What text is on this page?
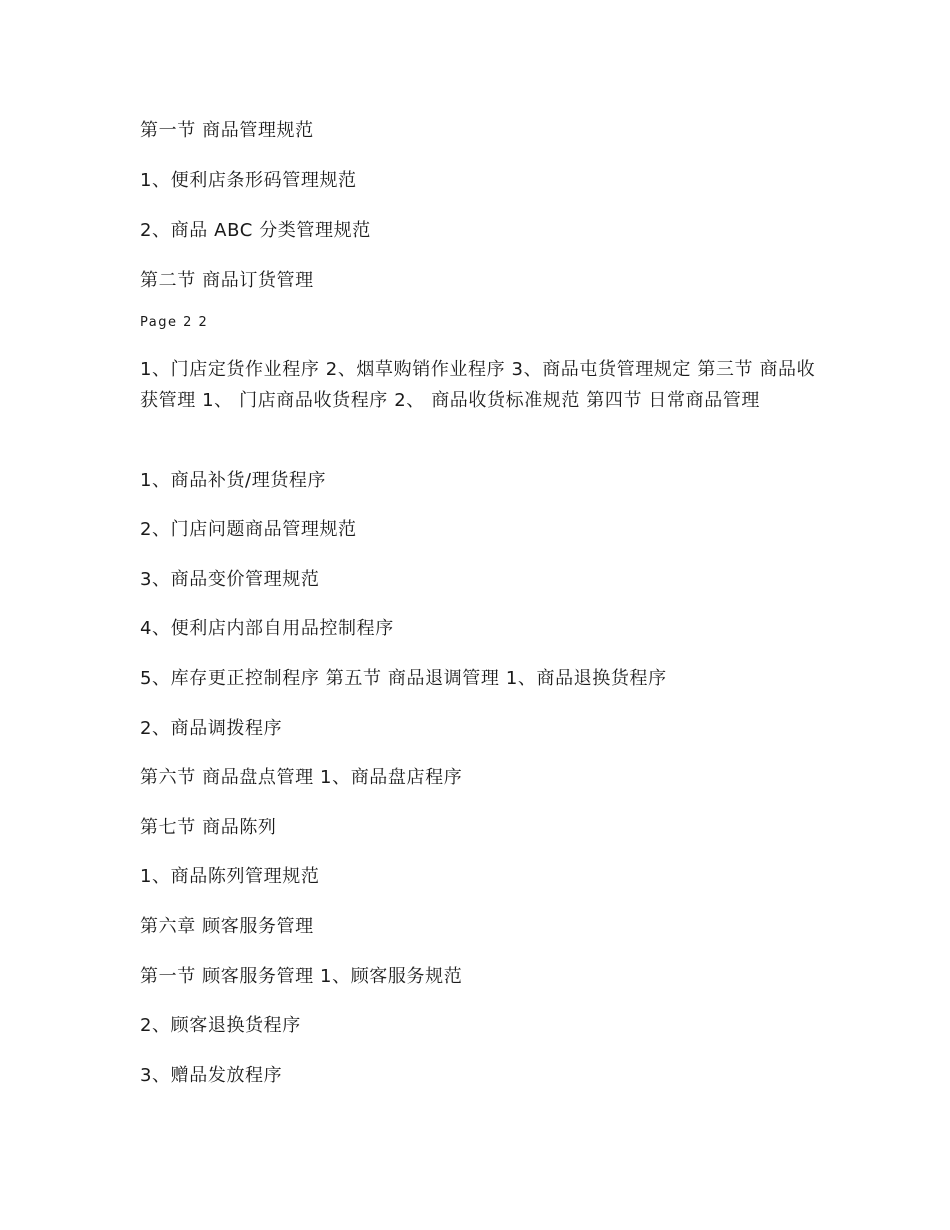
第一节 商品管理规范
1、便利店条形码管理规范
2、商品 ABC 分类管理规范
第二节 商品订货管理
Page 2 2
1、门店定货作业程序 2、烟草购销作业程序 3、商品屯货管理规定 第三节 商品收获管理 1、 门店商品收货程序 2、 商品收货标准规范 第四节 日常商品管理
1、商品补货/理货程序
2、门店问题商品管理规范
3、商品变价管理规范
4、便利店内部自用品控制程序
5、库存更正控制程序 第五节 商品退调管理 1、商品退换货程序
2、商品调拨程序
第六节 商品盘点管理 1、商品盘店程序
第七节 商品陈列
1、商品陈列管理规范
第六章 顾客服务管理
第一节 顾客服务管理 1、顾客服务规范
2、顾客退换货程序
3、赠品发放程序
